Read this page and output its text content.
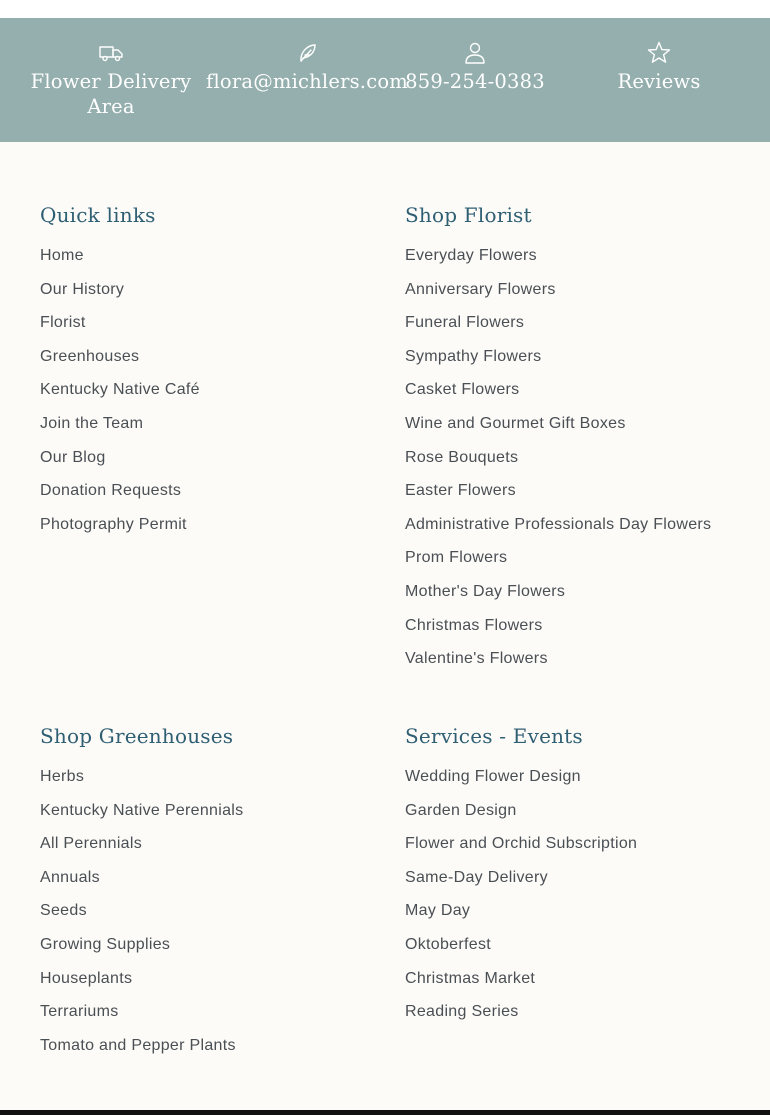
Flower Delivery Area
flora@michlers.com
859-254-0383	Reviews
Quick links
Home
Our History
Florist
Greenhouses
Kentucky Native Café
Join the Team
Our Blog
Donation Requests
Photography Permit
Shop Florist
Everyday Flowers
Anniversary Flowers
Funeral Flowers
Sympathy Flowers
Casket Flowers
Wine and Gourmet Gift Boxes
Rose Bouquets
Easter Flowers
Administrative Professionals Day Flowers
Prom Flowers
Mother's Day Flowers
Christmas Flowers
Valentine's Flowers
Shop Greenhouses
Herbs
Kentucky Native Perennials
All Perennials
Annuals
Seeds
Growing Supplies
Houseplants
Terrariums
Tomato and Pepper Plants
Services - Events
Wedding Flower Design
Garden Design
Flower and Orchid Subscription
Same-Day Delivery
May Day
Oktoberfest
Christmas Market
Reading Series
